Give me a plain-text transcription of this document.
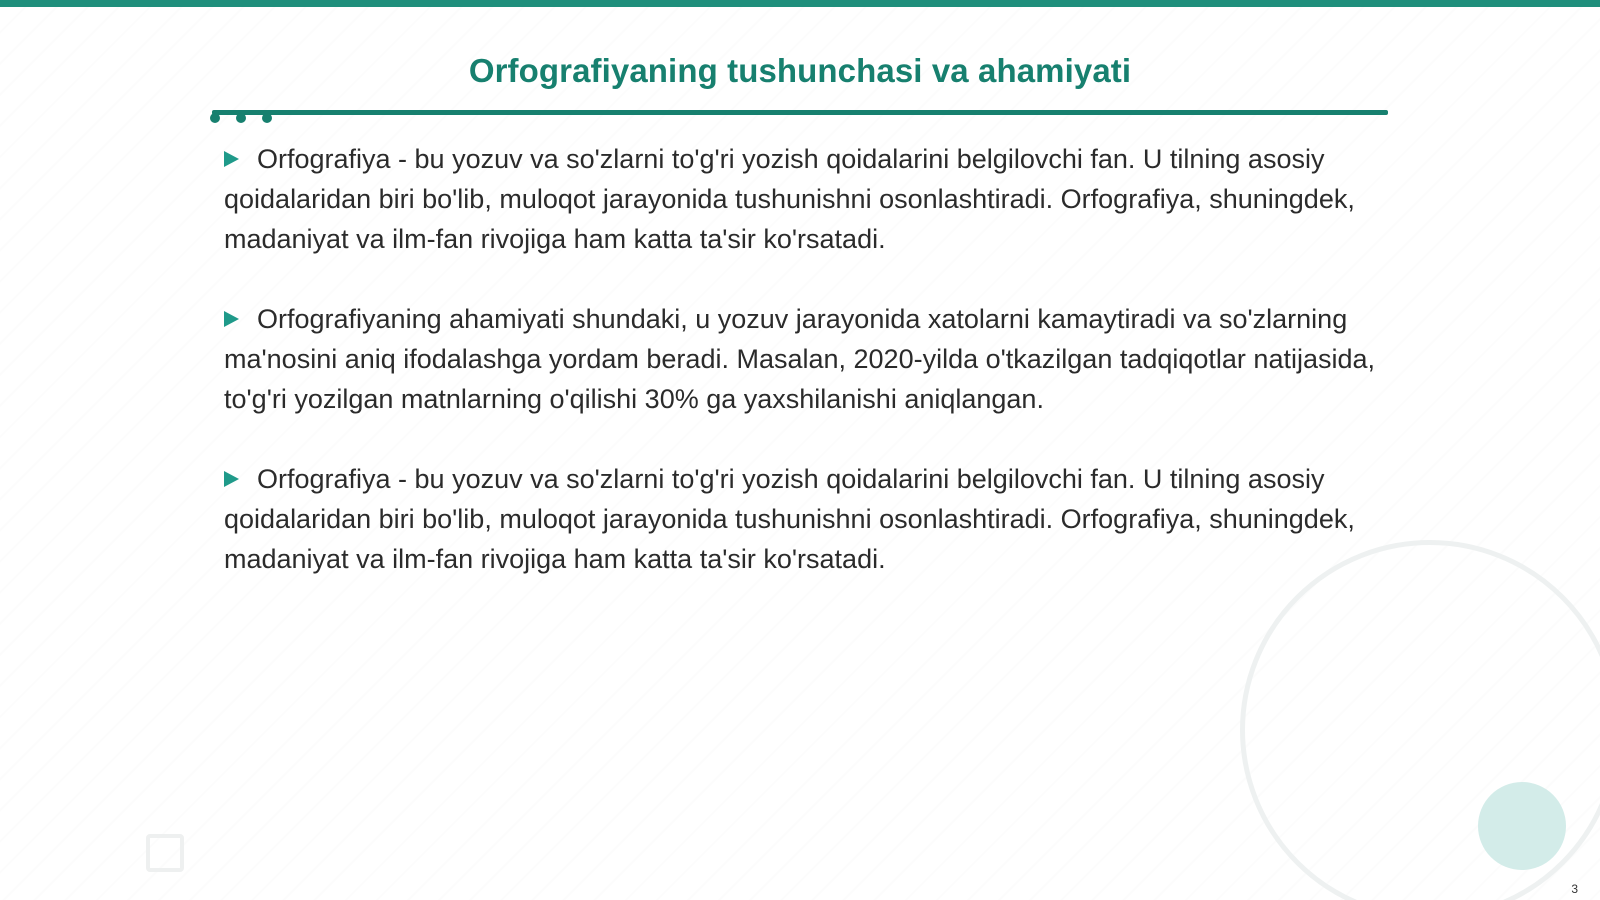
Orfografiyaning tushunchasi va ahamiyati

Orfografiya - bu yozuv va so'zlarni to'g'ri yozish qoidalarini belgilovchi fan. U tilning asosiy qoidalaridan biri bo'lib, muloqot jarayonida tushunishni osonlashtiradi. Orfografiya, shuningdek, madaniyat va ilm-fan rivojiga ham katta ta'sir ko'rsatadi.

Orfografiyaning ahamiyati shundaki, u yozuv jarayonida xatolarni kamaytiradi va so'zlarning ma'nosini aniq ifodalashga yordam beradi. Masalan, 2020-yilda o'tkazilgan tadqiqotlar natijasida, to'g'ri yozilgan matnlarning o'qilishi 30% ga yaxshilanishi aniqlangan.

Orfografiya - bu yozuv va so'zlarni to'g'ri yozish qoidalarini belgilovchi fan. U tilning asosiy qoidalaridan biri bo'lib, muloqot jarayonida tushunishni osonlashtiradi. Orfografiya, shuningdek, madaniyat va ilm-fan rivojiga ham katta ta'sir ko'rsatadi.

3
